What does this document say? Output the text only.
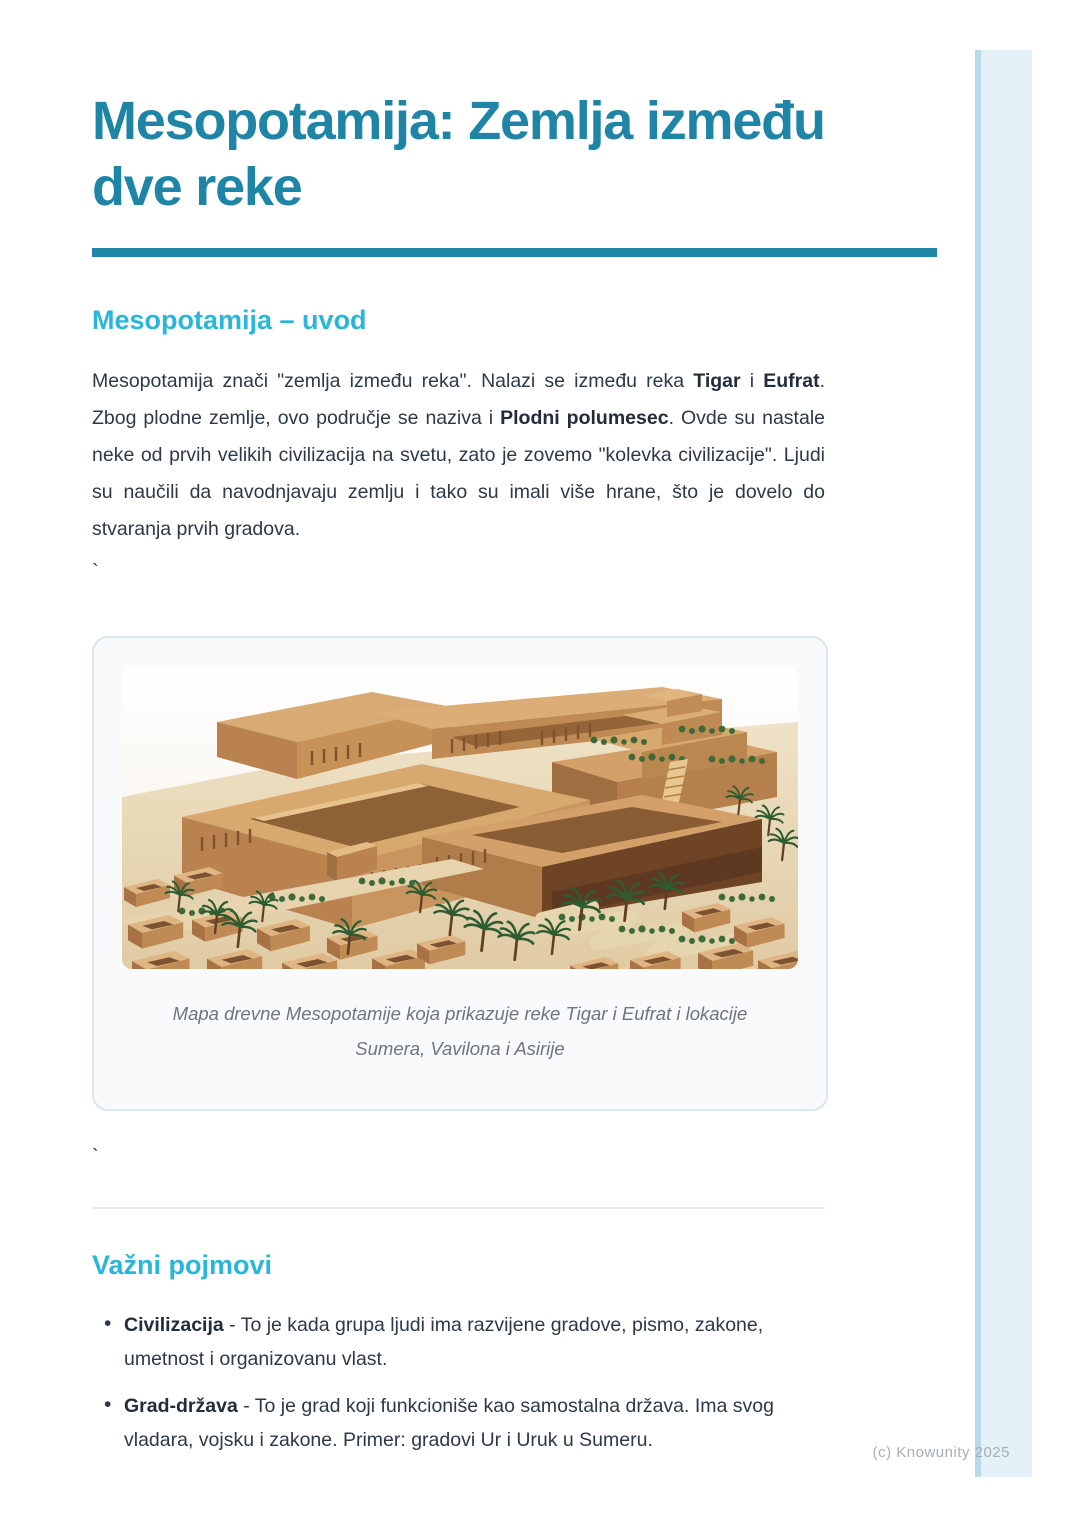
Mesopotamija: Zemlja između
dve reke
Mesopotamija – uvod

Mesopotamija znači "zemlja između reka". Nalazi se između reka Tigar i Eufrat. Zbog plodne zemlje, ovo područje se naziva i Plodni polumesec. Ovde su nastale neke od prvih velikih civilizacija na svetu, zato je zovemo "kolevka civilizacije". Ljudi su naučili da navodnjavaju zemlju i tako su imali više hrane, što je dovelo do stvaranja prvih gradova.

`
Mapa drevne Mesopotamije koja prikazuje reke Tigar i Eufrat i lokacije Sumera, Vavilona i Asirije
`
Važni pojmovi
• Civilizacija - To je kada grupa ljudi ima razvijene gradove, pismo, zakone, umetnost i organizovanu vlast.
• Grad-država - To je grad koji funkcioniše kao samostalna država. Ima svog vladara, vojsku i zakone. Primer: gradovi Ur i Uruk u Sumeru.
(c) Knowunity 2025
